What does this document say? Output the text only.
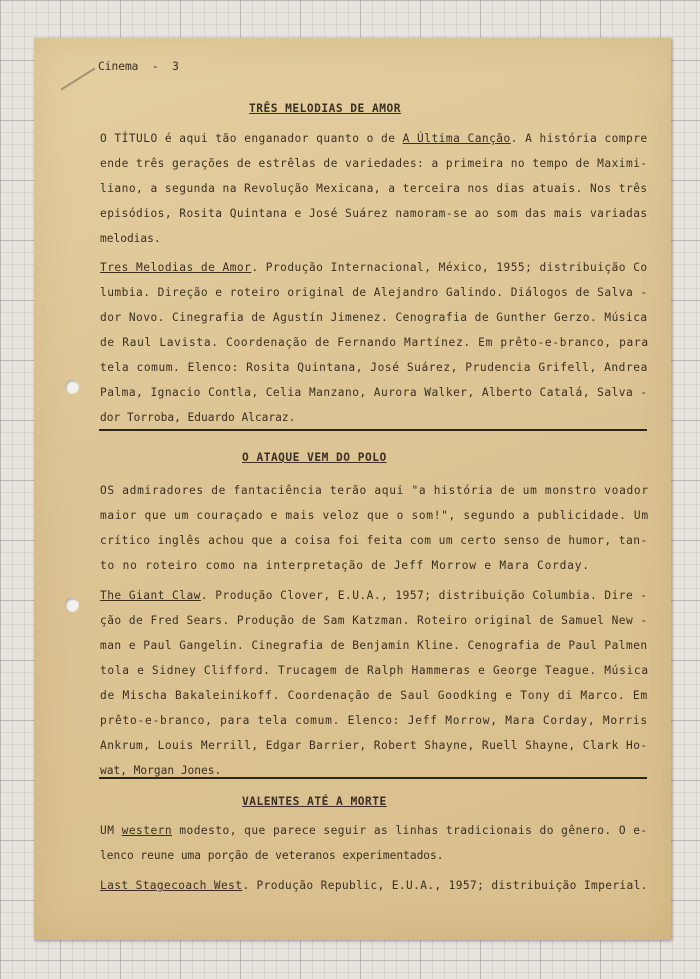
Cinema  -  3
TRÊS MELODIAS DE AMOR
O TÍTULO é aqui tão enganador quanto o de A Última Canção. A história compre
ende três gerações de estrêlas de variedades: a primeira no tempo de Maximi-
liano, a segunda na Revolução Mexicana, a terceira nos dias atuais. Nos três
episódios, Rosita Quintana e José Suárez namoram-se ao som das mais variadas
melodias.
Tres Melodias de Amor. Produção Internacional, México, 1955; distribuição Co
lumbia. Direção e roteiro original de Alejandro Galindo. Diálogos de Salva -
dor Novo. Cinegrafia de Agustín Jimenez. Cenografia de Gunther Gerzo. Música
de Raul Lavista. Coordenação de Fernando Martínez. Em prêto-e-branco, para
tela comum. Elenco: Rosita Quintana, José Suárez, Prudencia Grifell, Andrea
Palma, Ignacio Contla, Celia Manzano, Aurora Walker, Alberto Catalá, Salva -
dor Torroba, Eduardo Alcaraz.
O ATAQUE VEM DO POLO
OS admiradores de fantaciência terão aqui "a história de um monstro voador
maior que um couraçado e mais veloz que o som!", segundo a publicidade. Um
crítico inglês achou que a coisa foi feita com um certo senso de humor, tan-
to no roteiro como na interpretação de Jeff Morrow e Mara Corday.
The Giant Claw. Produção Clover, E.U.A., 1957; distribuição Columbia. Dire -
ção de Fred Sears. Produção de Sam Katzman. Roteiro original de Samuel New -
man e Paul Gangelin. Cinegrafia de Benjamin Kline. Cenografia de Paul Palmen
tola e Sidney Clifford. Trucagem de Ralph Hammeras e George Teague. Música
de Mischa Bakaleinikoff. Coordenação de Saul Goodking e Tony di Marco. Em
prêto-e-branco, para tela comum. Elenco: Jeff Morrow, Mara Corday, Morris
Ankrum, Louis Merrill, Edgar Barrier, Robert Shayne, Ruell Shayne, Clark Ho-
wat, Morgan Jones.
VALENTES ATÉ A MORTE
UM western modesto, que parece seguir as linhas tradicionais do gênero. O e-
lenco reune uma porção de veteranos experimentados.
Last Stagecoach West. Produção Republic, E.U.A., 1957; distribuição Imperial.
